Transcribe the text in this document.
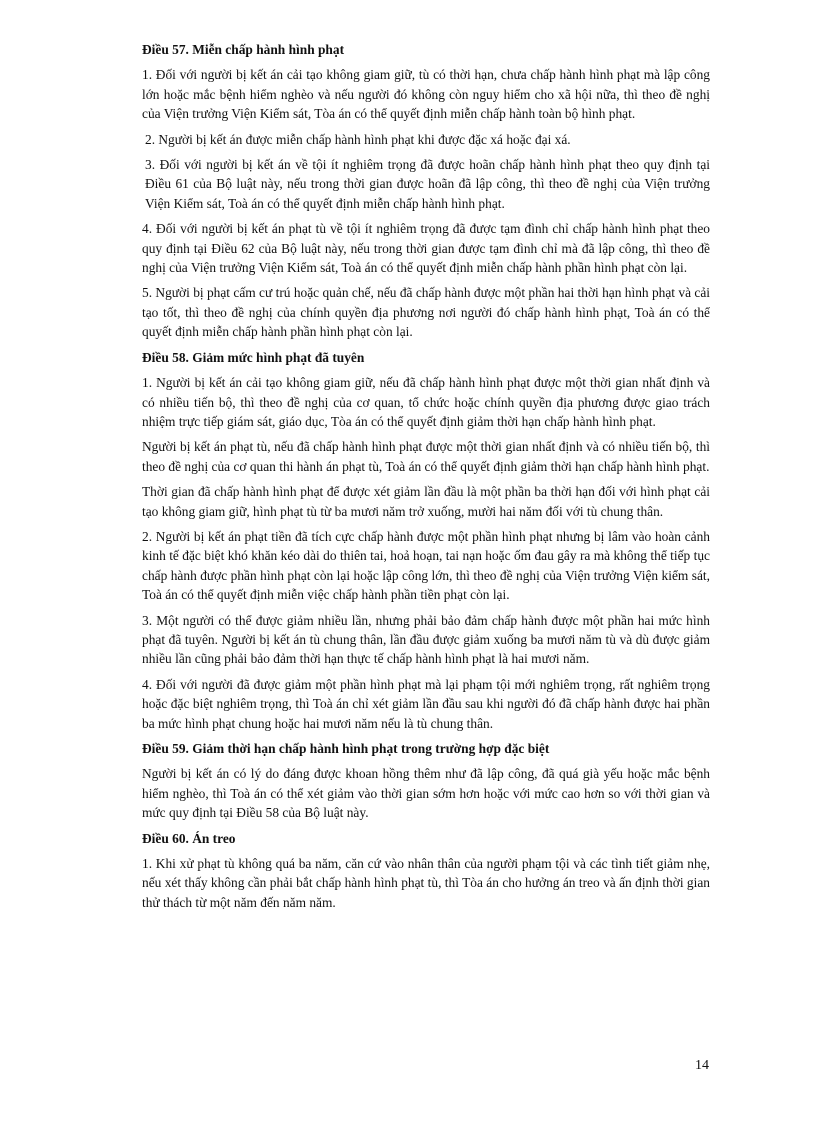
Điều 57. Miễn chấp hành hình phạt

1. Đối với người bị kết án cải tạo không giam giữ, tù có thời hạn, chưa chấp hành hình phạt mà lập công lớn hoặc mắc bệnh hiểm nghèo và nếu người đó không còn nguy hiểm cho xã hội nữa, thì theo đề nghị của Viện trưởng Viện Kiểm sát, Tòa án có thể quyết định miễn chấp hành toàn bộ hình phạt.

2. Người bị kết án được miễn chấp hành hình phạt khi được đặc xá hoặc đại xá.

3. Đối với người bị kết án về tội ít nghiêm trọng đã được hoãn chấp hành hình phạt theo quy định tại Điều 61 của Bộ luật này, nếu trong thời gian được hoãn đã lập công, thì theo đề nghị của Viện trưởng Viện Kiểm sát, Toà án có thể quyết định miễn chấp hành hình phạt.

4. Đối với người bị kết án phạt tù về tội ít nghiêm trọng đã được tạm đình chỉ chấp hành hình phạt theo quy định tại Điều 62 của Bộ luật này, nếu trong thời gian được tạm đình chỉ mà đã lập công, thì theo đề nghị của Viện trưởng Viện Kiểm sát, Toà án có thể quyết định miễn chấp hành phần hình phạt còn lại.

5. Người bị phạt cấm cư trú hoặc quản chế, nếu đã chấp hành được một phần hai thời hạn hình phạt và cải tạo tốt, thì theo đề nghị của chính quyền địa phương nơi người đó chấp hành hình phạt, Toà án có thể quyết định miễn chấp hành phần hình phạt còn lại.

Điều 58. Giảm mức hình phạt đã tuyên

1. Người bị kết án cải tạo không giam giữ, nếu đã chấp hành hình phạt được một thời gian nhất định và có nhiều tiến bộ, thì theo đề nghị của cơ quan, tổ chức hoặc chính quyền địa phương được giao trách nhiệm trực tiếp giám sát, giáo dục, Tòa án có thể quyết định giảm thời hạn chấp hành hình phạt.

Người bị kết án phạt tù, nếu đã chấp hành hình phạt được một thời gian nhất định và có nhiều tiến bộ, thì theo đề nghị của cơ quan thi hành án phạt tù, Toà án có thể quyết định giảm thời hạn chấp hành hình phạt.

Thời gian đã chấp hành hình phạt để được xét giảm lần đầu là một phần ba thời hạn đối với hình phạt cải tạo không giam giữ, hình phạt tù từ ba mươi năm trở xuống, mười hai năm đối với tù chung thân.

2. Người bị kết án phạt tiền đã tích cực chấp hành được một phần hình phạt nhưng bị lâm vào hoàn cảnh kinh tế đặc biệt khó khăn kéo dài do thiên tai, hoả hoạn, tai nạn hoặc ốm đau gây ra mà không thể tiếp tục chấp hành được phần hình phạt còn lại hoặc lập công lớn, thì theo đề nghị của Viện trưởng Viện kiểm sát, Toà án có thể quyết định miễn việc chấp hành phần tiền phạt còn lại.

3. Một người có thể được giảm nhiều lần, nhưng phải bảo đảm chấp hành được một phần hai mức hình phạt đã tuyên. Người bị kết án tù chung thân, lần đầu được giảm xuống ba mươi năm tù và dù được giảm nhiều lần cũng phải bảo đảm thời hạn thực tế chấp hành hình phạt là hai mươi năm.

4. Đối với người đã được giảm một phần hình phạt mà lại phạm tội mới nghiêm trọng, rất nghiêm trọng hoặc đặc biệt nghiêm trọng, thì Toà án chỉ xét giảm lần đầu sau khi người đó đã chấp hành được hai phần ba mức hình phạt chung hoặc hai mươi năm nếu là tù chung thân.

Điều 59. Giảm thời hạn chấp hành hình phạt trong trường hợp đặc biệt

Người bị kết án có lý do đáng được khoan hồng thêm như đã lập công, đã quá già yếu hoặc mắc bệnh hiểm nghèo, thì Toà án có thể xét giảm vào thời gian sớm hơn hoặc với mức cao hơn so với thời gian và mức quy định tại Điều 58 của Bộ luật này.

Điều 60. Án treo

1. Khi xử phạt tù không quá ba năm, căn cứ vào nhân thân của người phạm tội và các tình tiết giảm nhẹ, nếu xét thấy không cần phải bắt chấp hành hình phạt tù, thì Tòa án cho hưởng án treo và ấn định thời gian thử thách từ một năm đến năm năm.

14
